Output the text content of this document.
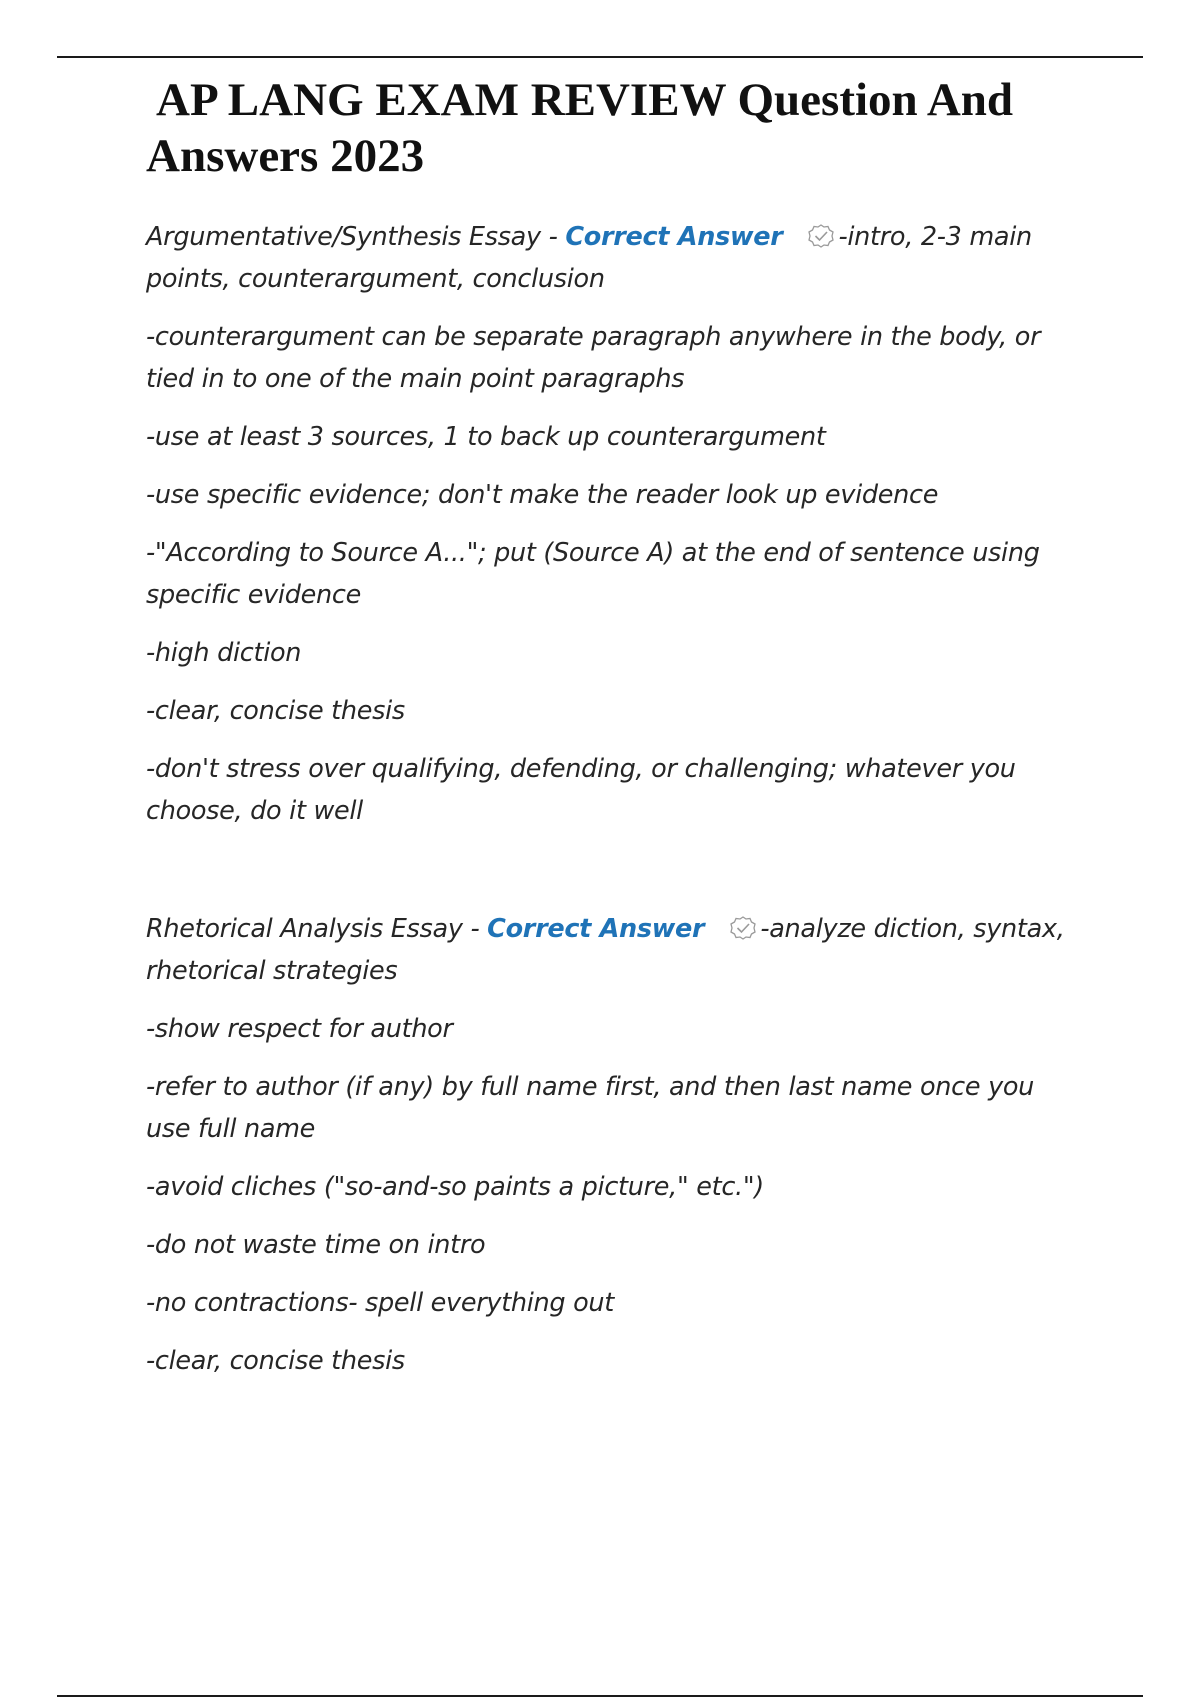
AP LANG EXAM REVIEW Question And Answers 2023

Argumentative/Synthesis Essay - Correct Answer -intro, 2-3 main points, counterargument, conclusion

-counterargument can be separate paragraph anywhere in the body, or tied in to one of the main point paragraphs

-use at least 3 sources, 1 to back up counterargument

-use specific evidence; don't make the reader look up evidence

-"According to Source A..."; put (Source A) at the end of sentence using specific evidence

-high diction

-clear, concise thesis

-don't stress over qualifying, defending, or challenging; whatever you choose, do it well

Rhetorical Analysis Essay - Correct Answer -analyze diction, syntax, rhetorical strategies

-show respect for author

-refer to author (if any) by full name first, and then last name once you use full name

-avoid cliches ("so-and-so paints a picture," etc.")

-do not waste time on intro

-no contractions- spell everything out

-clear, concise thesis
